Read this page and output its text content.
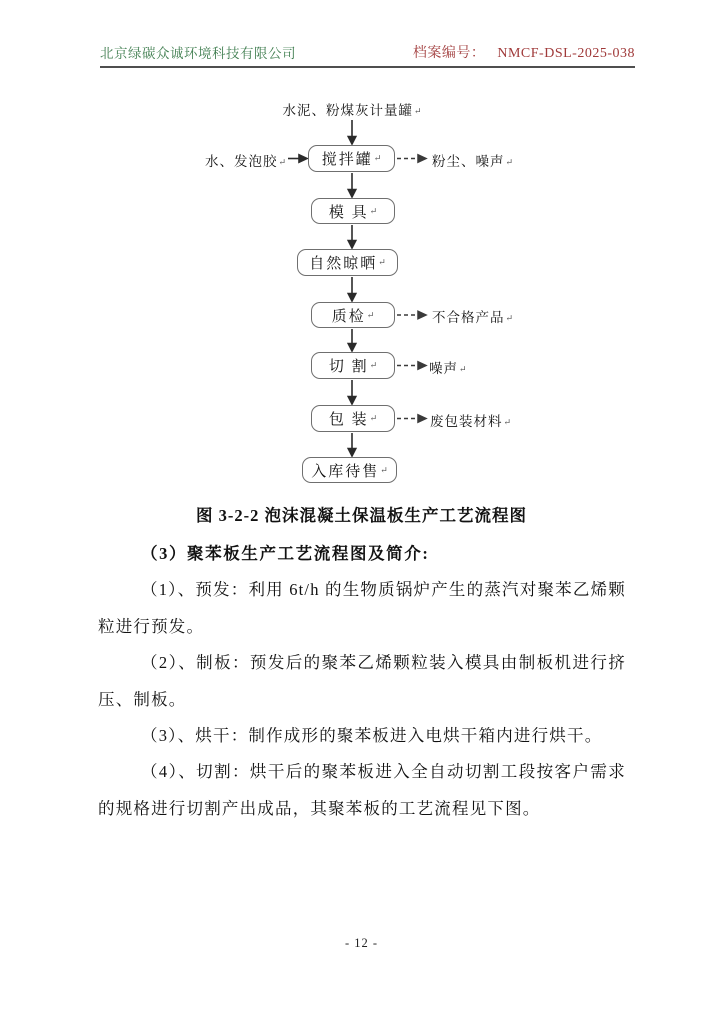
北京绿碳众诚环境科技有限公司	档案编号： NMCF-DSL-2025-038
水泥、粉煤灰计量罐↵
水、发泡胶↵ 搅拌罐 ↵
模 具 ↵
自然晾晒 ↵
质检 ↵
切 割 ↵
包 装 ↵
入库待售 ↵
粉尘、噪声↵
不合格产品↵
噪声↵
废包装材料↵
图 3-2-2 泡沫混凝土保温板生产工艺流程图
（3）聚苯板生产工艺流程图及简介:
（1）、预发：利用 6t/h 的生物质锅炉产生的蒸汽对聚苯乙烯颗
粒进行预发。
（2）、制板：预发后的聚苯乙烯颗粒装入模具由制板机进行挤
压、制板。
（3）、烘干：制作成形的聚苯板进入电烘干箱内进行烘干。
（4）、切割：烘干后的聚苯板进入全自动切割工段按客户需求
的规格进行切割产出成品，其聚苯板的工艺流程见下图。
- 12 -
